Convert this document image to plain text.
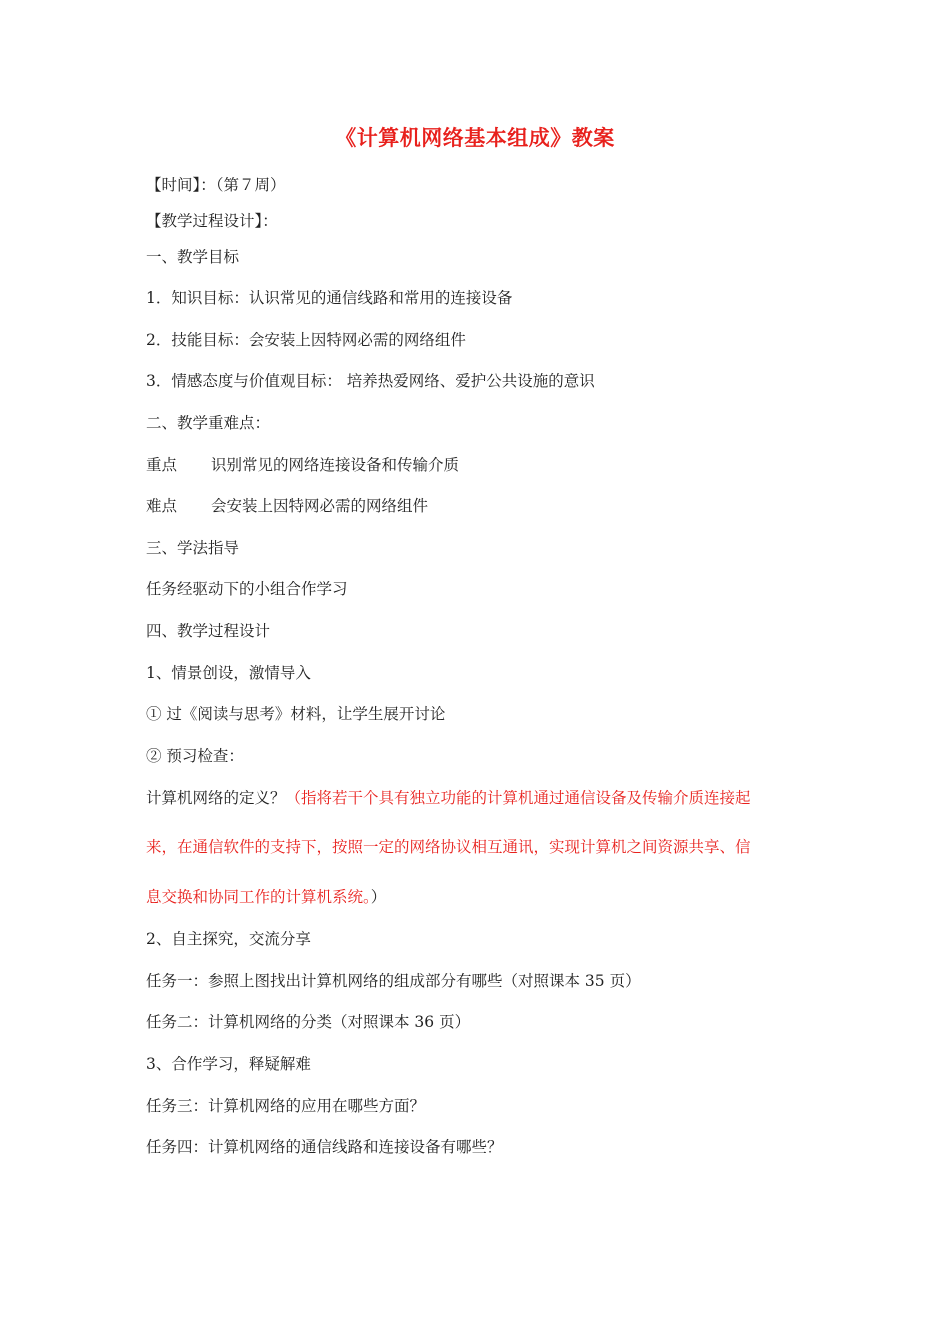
《计算机网络基本组成》教案
【时间】：（第７周）
【教学过程设计】：
一、教学目标
1．知识目标：认识常见的通信线路和常用的连接设备
2．技能目标：会安装上因特网必需的网络组件
3．情感态度与价值观目标： 培养热爱网络、爱护公共设施的意识
二、教学重难点：
重点 识别常见的网络连接设备和传输介质
难点 会安装上因特网必需的网络组件
三、学法指导
任务经驱动下的小组合作学习
四、教学过程设计
1、情景创设，激情导入
① 过《阅读与思考》材料，让学生展开讨论
② 预习检查：
计算机网络的定义？（指将若干个具有独立功能的计算机通过通信设备及传输介质连接起
来，在通信软件的支持下，按照一定的网络协议相互通讯，实现计算机之间资源共享、信
息交换和协同工作的计算机系统。）
2、自主探究，交流分享
任务一：参照上图找出计算机网络的组成部分有哪些（对照课本 35 页）
任务二：计算机网络的分类（对照课本 36 页）
3、合作学习，释疑解难
任务三：计算机网络的应用在哪些方面？
任务四：计算机网络的通信线路和连接设备有哪些？
